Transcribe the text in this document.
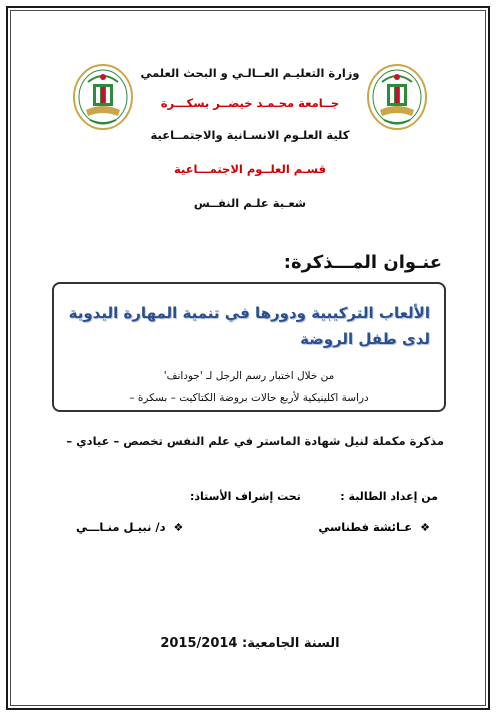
وزارة التعليـم العــالـي و البحث العلمي
جــامعة محـمـد خيضــر بسكـــرة
كلية العلـوم الانسـانية والاجتمــاعية
قسـم العلــوم الاجتمـــاعية
شعـبة علـم النفــس
عنـوان المـــذكرة:
الألعاب التركيبية ودورها في تنمية المهارة اليدوية لدى طفل الروضة
من خلال اختبار رسم الرجل لـ 'جودانف'
دراسة اكلينيكية لأربع حالات بروضة الكتاكيت – بسكرة –
مذكرة مكملة لنيل شهادة الماستر في علم النفس تخصص – عيادي –
من إعداد الطالبة :
تحت إشراف الأستاذ:
❖ عـائشة فطناسي
❖ د/ نبيـل منـاـــي
السنة الجامعية: 2015/2014
